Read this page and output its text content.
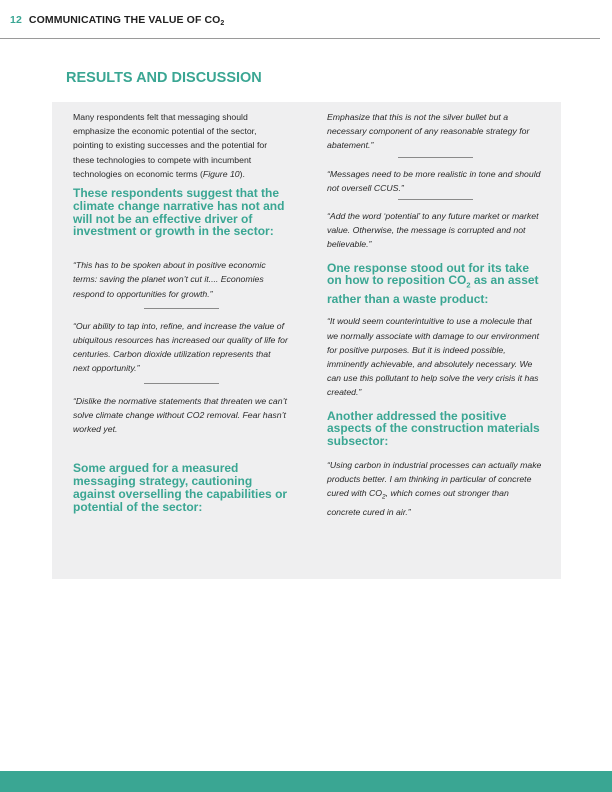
12 COMMUNICATING THE VALUE OF $CO_2$
RESULTS AND DISCUSSION

Many respondents felt that messaging should emphasize the economic potential of the sector, pointing to existing successes and the potential for these technologies to compete with incumbent technologies on economic terms (Figure 10).

These respondents suggest that the climate change narrative has not and will not be an effective driver of investment or growth in the sector:

“This has to be spoken about in positive economic terms: saving the planet won’t cut it.... Economies respond to opportunities for growth.”

“Our ability to tap into, refine, and increase the value of ubiquitous resources has increased our quality of life for centuries. Carbon dioxide utilization represents that next opportunity.”

“Dislike the normative statements that threaten we can’t solve climate change without CO2 removal. Fear hasn’t worked yet.

Some argued for a measured messaging strategy, cautioning against overselling the capabilities or potential of the sector:

Emphasize that this is not the silver bullet but a necessary component of any reasonable strategy for abatement.”

“Messages need to be more realistic in tone and should not oversell CCUS.”

“Add the word ‘potential’ to any future market or market value. Otherwise, the message is corrupted and not believable.”

One response stood out for its take on how to reposition $CO_2$ as an asset rather than a waste product:

“It would seem counterintuitive to use a molecule that we normally associate with damage to our environment for positive purposes. But it is indeed possible, imminently achievable, and absolutely necessary. We can use this pollutant to help solve the very crisis it has created.”

Another addressed the positive aspects of the construction materials subsector:

“Using carbon in industrial processes can actually make products better. I am thinking in particular of concrete cured with $CO_2$, which comes out stronger than concrete cured in air.”
